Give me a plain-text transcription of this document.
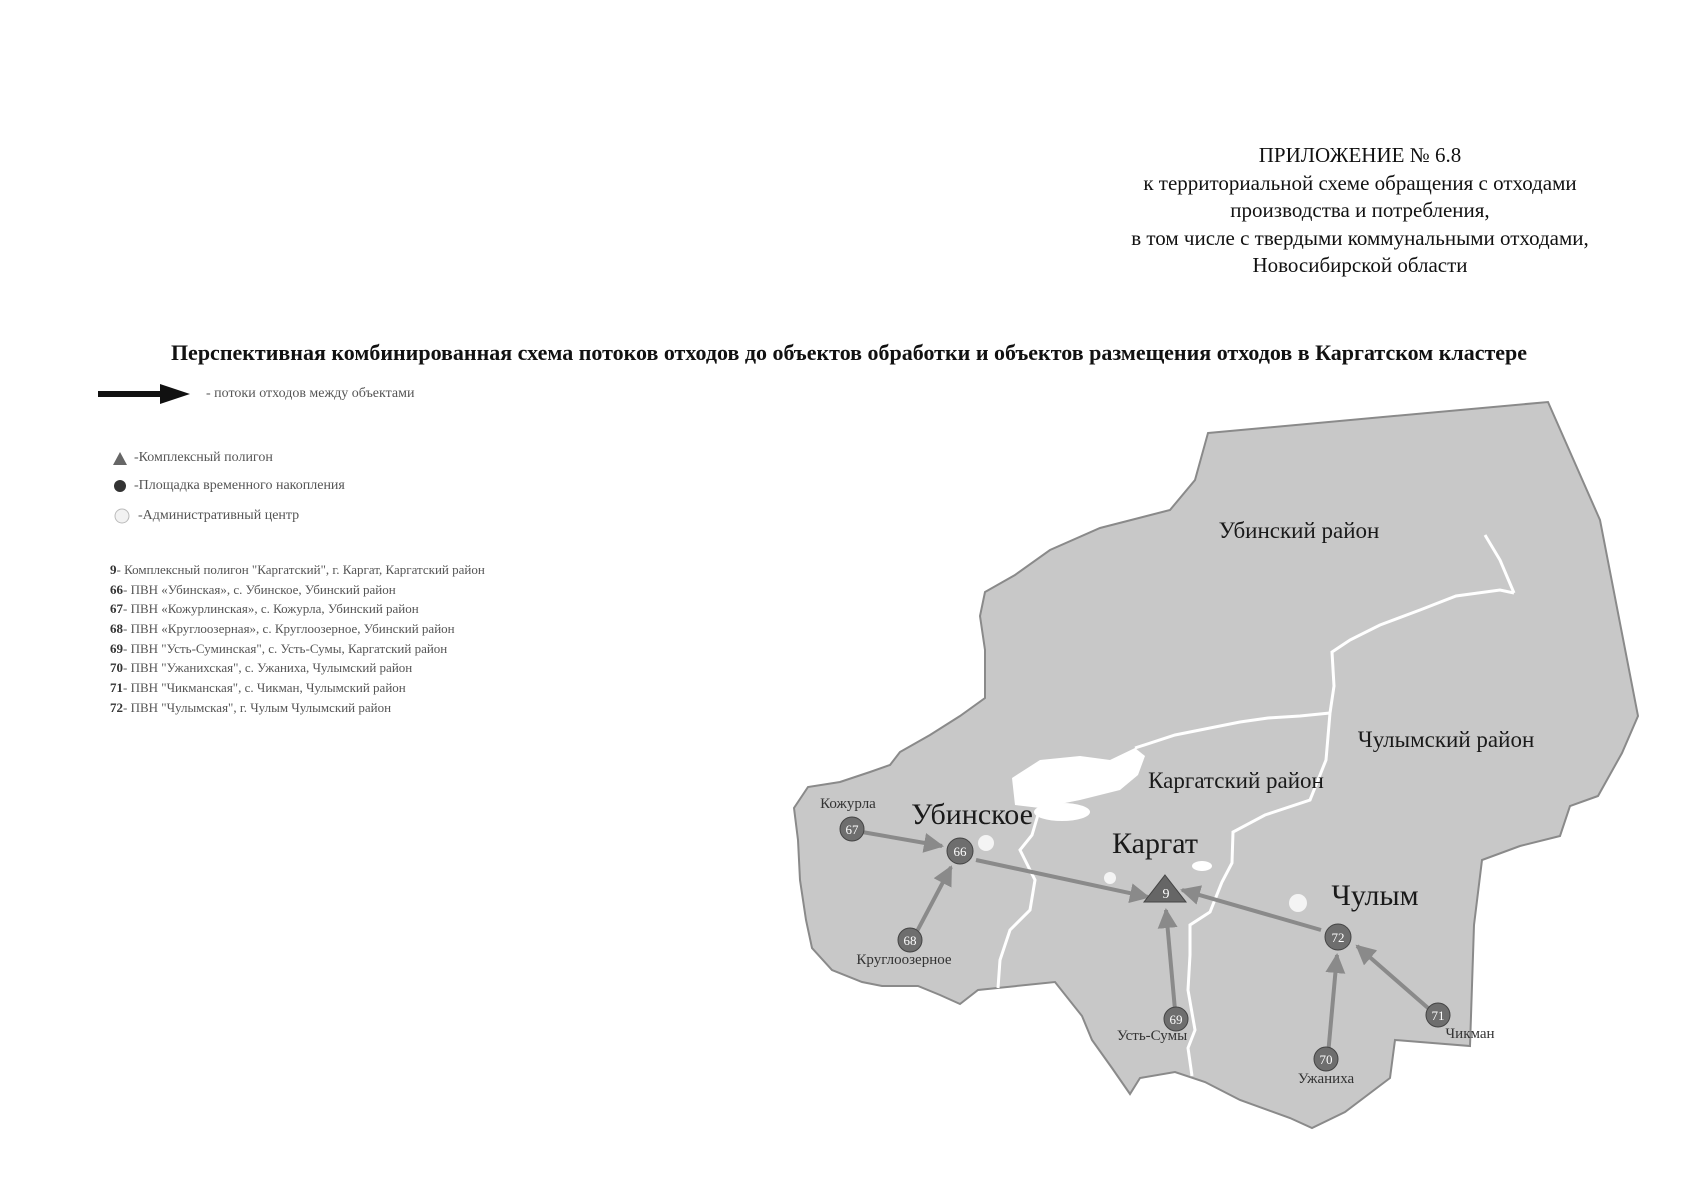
ПРИЛОЖЕНИЕ № 6.8
к территориальной схеме обращения с отходами
производства и потребления,
в том числе с твердыми коммунальными отходами,
Новосибирской области
Перспективная комбинированная схема потоков отходов до объектов обработки и объектов размещения отходов в Каргатском кластере
- потоки отходов между объектами
-Комплексный полигон
-Площадка временного накопления
-Административный центр
9- Комплексный полигон "Каргатский", г. Каргат, Каргатский район
66- ПВН «Убинская», с. Убинское, Убинский район
67- ПВН «Кожурлинская», с. Кожурла, Убинский район
68- ПВН «Круглоозерная», с. Круглоозерное, Убинский район
69- ПВН "Усть-Суминская", с. Усть-Сумы, Каргатский район
70- ПВН "Ужанихская", с. Ужаниха, Чулымский район
71- ПВН "Чикманская", с. Чикман, Чулымский район
72- ПВН "Чулымская", г. Чулым Чулымский район
Убинский район
Чулымский район
Каргатский район
Убинское
Каргат
Чулым
9
66
67
68
69
70
71
72
Кожурла
Круглоозерное
Усть-Сумы
Ужаниха
Чикман
